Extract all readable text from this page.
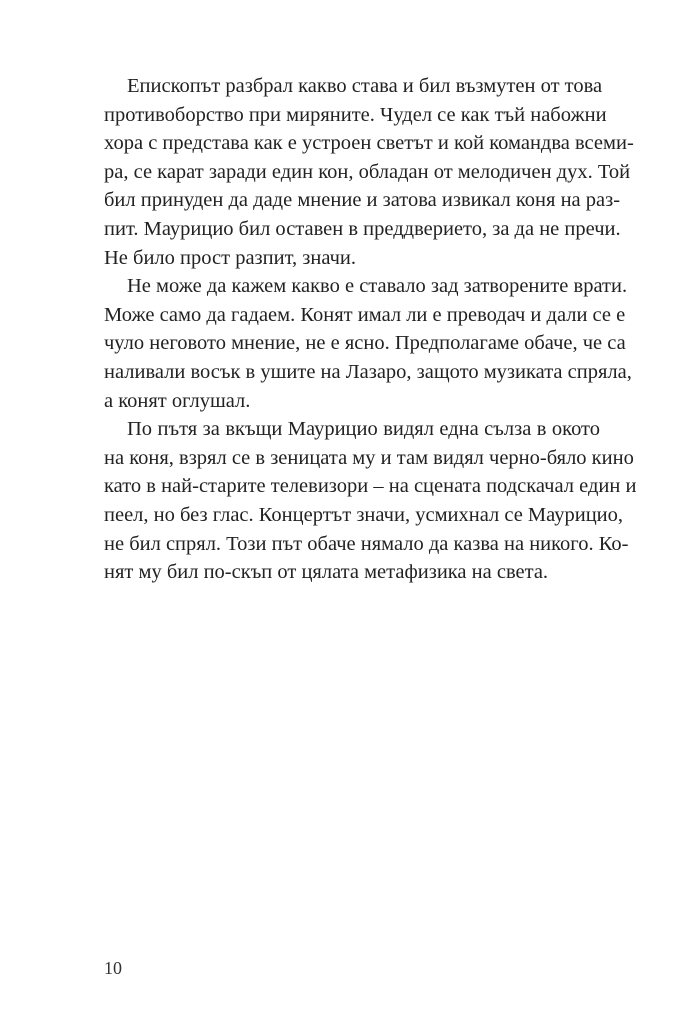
Епископът разбрал какво става и бил възмутен от това

противоборство при миряните. Чудел се как тъй набожни

хора с представа как е устроен светът и кой командва всеми-

ра, се карат заради един кон, обладан от мелодичен дух. Той

бил принуден да даде мнение и затова извикал коня на раз-

пит. Маурицио бил оставен в преддверието, за да не пречи.

Не било прост разпит, значи.

Не може да кажем какво е ставало зад затворените врати.

Може само да гадаем. Конят имал ли е преводач и дали се е

чуло неговото мнение, не е ясно. Предполагаме обаче, че са

наливали восък в ушите на Лазаро, защото музиката спряла,

а конят оглушал.

По пътя за вкъщи Маурицио видял една сълза в окото

на коня, взрял се в зеницата му и там видял черно-бяло кино

като в най-старите телевизори – на сцената подскачал един и

пеел, но без глас. Концертът значи, усмихнал се Маурицио,

не бил спрял. Този път обаче нямало да казва на никого. Ко-

нят му бил по-скъп от цялата метафизика на света.

10
